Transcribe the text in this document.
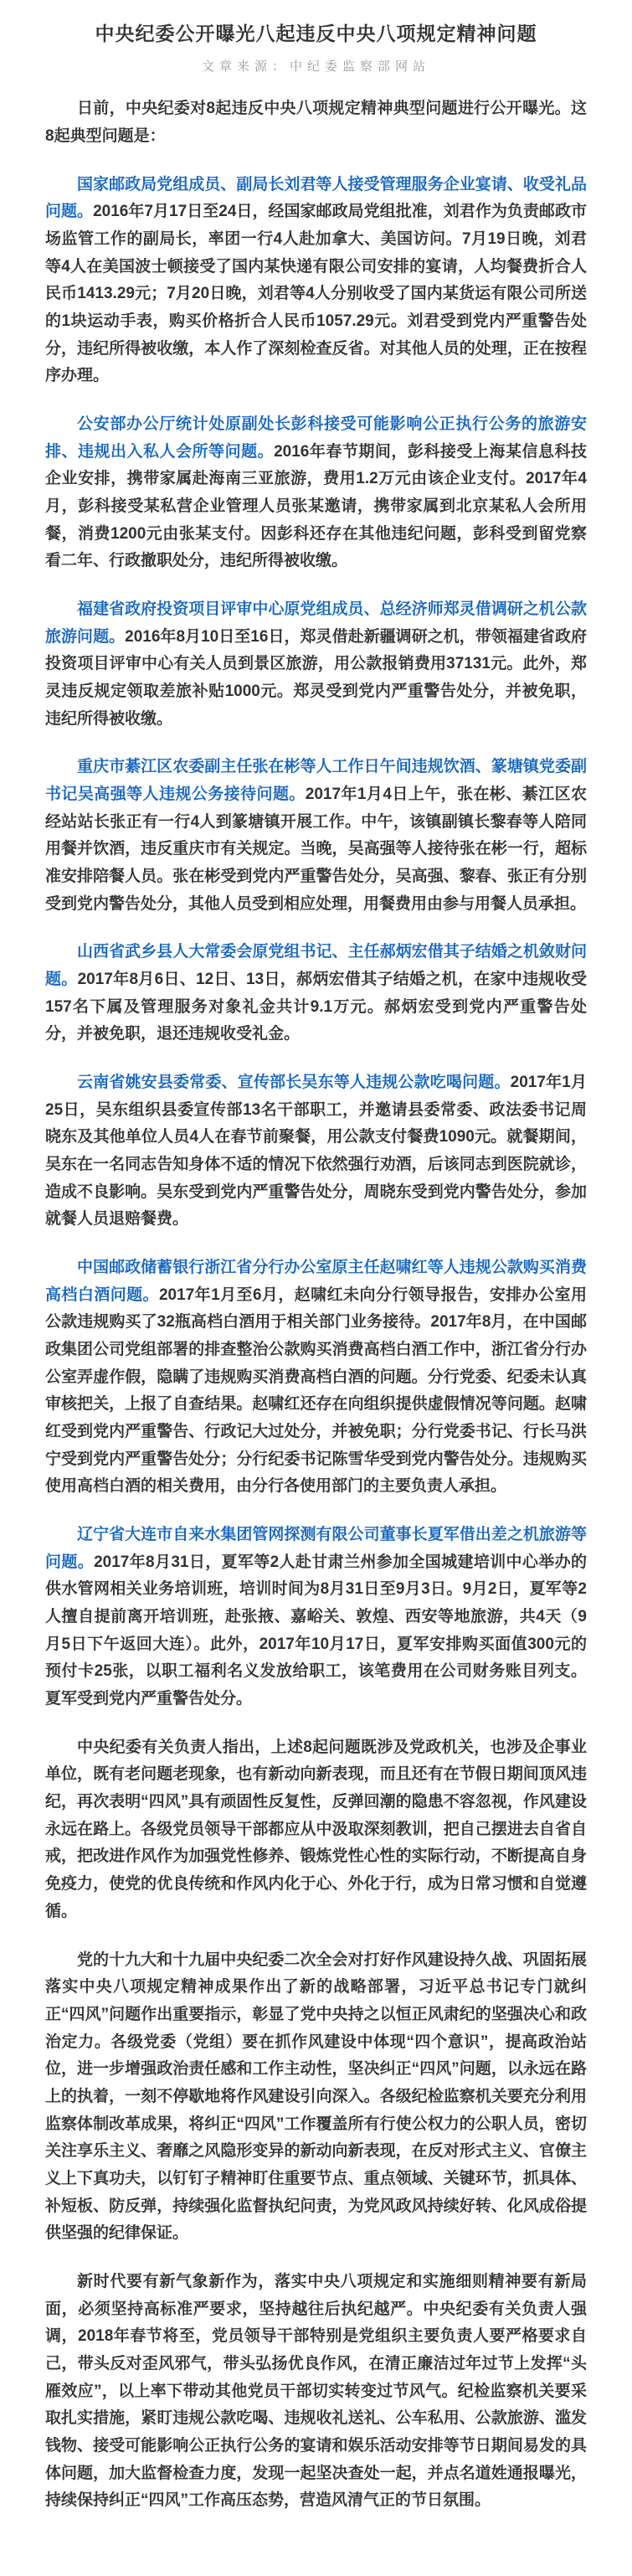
中央纪委公开曝光八起违反中央八项规定精神问题
文章来源：中纪委监察部网站

日前，中央纪委对8起违反中央八项规定精神典型问题进行公开曝光。这8起典型问题是：

国家邮政局党组成员、副局长刘君等人接受管理服务企业宴请、收受礼品问题。2016年7月17日至24日，经国家邮政局党组批准，刘君作为负责邮政市场监管工作的副局长，率团一行4人赴加拿大、美国访问。7月19日晚，刘君等4人在美国波士顿接受了国内某快递有限公司安排的宴请，人均餐费折合人民币1413.29元；7月20日晚，刘君等4人分别收受了国内某货运有限公司所送的1块运动手表，购买价格折合人民币1057.29元。刘君受到党内严重警告处分，违纪所得被收缴，本人作了深刻检查反省。对其他人员的处理，正在按程序办理。

公安部办公厅统计处原副处长彭科接受可能影响公正执行公务的旅游安排、违规出入私人会所等问题。2016年春节期间，彭科接受上海某信息科技企业安排，携带家属赴海南三亚旅游，费用1.2万元由该企业支付。2017年4月，彭科接受某私营企业管理人员张某邀请，携带家属到北京某私人会所用餐，消费1200元由张某支付。因彭科还存在其他违纪问题，彭科受到留党察看二年、行政撤职处分，违纪所得被收缴。

福建省政府投资项目评审中心原党组成员、总经济师郑灵借调研之机公款旅游问题。2016年8月10日至16日，郑灵借赴新疆调研之机，带领福建省政府投资项目评审中心有关人员到景区旅游，用公款报销费用37131元。此外，郑灵违反规定领取差旅补贴1000元。郑灵受到党内严重警告处分，并被免职，违纪所得被收缴。

重庆市綦江区农委副主任张在彬等人工作日午间违规饮酒、篆塘镇党委副书记吴高强等人违规公务接待问题。2017年1月4日上午，张在彬、綦江区农经站站长张正有一行4人到篆塘镇开展工作。中午，该镇副镇长黎春等人陪同用餐并饮酒，违反重庆市有关规定。当晚，吴高强等人接待张在彬一行，超标准安排陪餐人员。张在彬受到党内严重警告处分，吴高强、黎春、张正有分别受到党内警告处分，其他人员受到相应处理，用餐费用由参与用餐人员承担。

山西省武乡县人大常委会原党组书记、主任郝炳宏借其子结婚之机敛财问题。2017年8月6日、12日、13日，郝炳宏借其子结婚之机，在家中违规收受157名下属及管理服务对象礼金共计9.1万元。郝炳宏受到党内严重警告处分，并被免职，退还违规收受礼金。

云南省姚安县委常委、宣传部长吴东等人违规公款吃喝问题。2017年1月25日，吴东组织县委宣传部13名干部职工，并邀请县委常委、政法委书记周晓东及其他单位人员4人在春节前聚餐，用公款支付餐费1090元。就餐期间，吴东在一名同志告知身体不适的情况下依然强行劝酒，后该同志到医院就诊，造成不良影响。吴东受到党内严重警告处分，周晓东受到党内警告处分，参加就餐人员退赔餐费。

中国邮政储蓄银行浙江省分行办公室原主任赵啸红等人违规公款购买消费高档白酒问题。2017年1月至6月，赵啸红未向分行领导报告，安排办公室用公款违规购买了32瓶高档白酒用于相关部门业务接待。2017年8月，在中国邮政集团公司党组部署的排查整治公款购买消费高档白酒工作中，浙江省分行办公室弄虚作假，隐瞒了违规购买消费高档白酒的问题。分行党委、纪委未认真审核把关，上报了自查结果。赵啸红还存在向组织提供虚假情况等问题。赵啸红受到党内严重警告、行政记大过处分，并被免职；分行党委书记、行长马洪宁受到党内严重警告处分；分行纪委书记陈雪华受到党内警告处分。违规购买使用高档白酒的相关费用，由分行各使用部门的主要负责人承担。

辽宁省大连市自来水集团管网探测有限公司董事长夏军借出差之机旅游等问题。2017年8月31日，夏军等2人赴甘肃兰州参加全国城建培训中心举办的供水管网相关业务培训班，培训时间为8月31日至9月3日。9月2日，夏军等2人擅自提前离开培训班，赴张掖、嘉峪关、敦煌、西安等地旅游，共4天（9月5日下午返回大连）。此外，2017年10月17日，夏军安排购买面值300元的预付卡25张，以职工福利名义发放给职工，该笔费用在公司财务账目列支。夏军受到党内严重警告处分。

中央纪委有关负责人指出，上述8起问题既涉及党政机关，也涉及企事业单位，既有老问题老现象，也有新动向新表现，而且还有在节假日期间顶风违纪，再次表明“四风”具有顽固性反复性，反弹回潮的隐患不容忽视，作风建设永远在路上。各级党员领导干部都应从中汲取深刻教训，把自己摆进去自省自戒，把改进作风作为加强党性修养、锻炼党性心性的实际行动，不断提高自身免疫力，使党的优良传统和作风内化于心、外化于行，成为日常习惯和自觉遵循。

党的十九大和十九届中央纪委二次全会对打好作风建设持久战、巩固拓展落实中央八项规定精神成果作出了新的战略部署，习近平总书记专门就纠正“四风”问题作出重要指示，彰显了党中央持之以恒正风肃纪的坚强决心和政治定力。各级党委（党组）要在抓作风建设中体现“四个意识”，提高政治站位，进一步增强政治责任感和工作主动性，坚决纠正“四风”问题，以永远在路上的执着，一刻不停歇地将作风建设引向深入。各级纪检监察机关要充分利用监察体制改革成果，将纠正“四风”工作覆盖所有行使公权力的公职人员，密切关注享乐主义、奢靡之风隐形变异的新动向新表现，在反对形式主义、官僚主义上下真功夫，以钉钉子精神盯住重要节点、重点领域、关键环节，抓具体、补短板、防反弹，持续强化监督执纪问责，为党风政风持续好转、化风成俗提供坚强的纪律保证。

新时代要有新气象新作为，落实中央八项规定和实施细则精神要有新局面，必须坚持高标准严要求，坚持越往后执纪越严。中央纪委有关负责人强调，2018年春节将至，党员领导干部特别是党组织主要负责人要严格要求自己，带头反对歪风邪气，带头弘扬优良作风，在清正廉洁过年过节上发挥“头雁效应”，以上率下带动其他党员干部切实转变过节风气。纪检监察机关要采取扎实措施，紧盯违规公款吃喝、违规收礼送礼、公车私用、公款旅游、滥发钱物、接受可能影响公正执行公务的宴请和娱乐活动安排等节日期间易发的具体问题，加大监督检查力度，发现一起坚决查处一起，并点名道姓通报曝光，持续保持纠正“四风”工作高压态势，营造风清气正的节日氛围。
